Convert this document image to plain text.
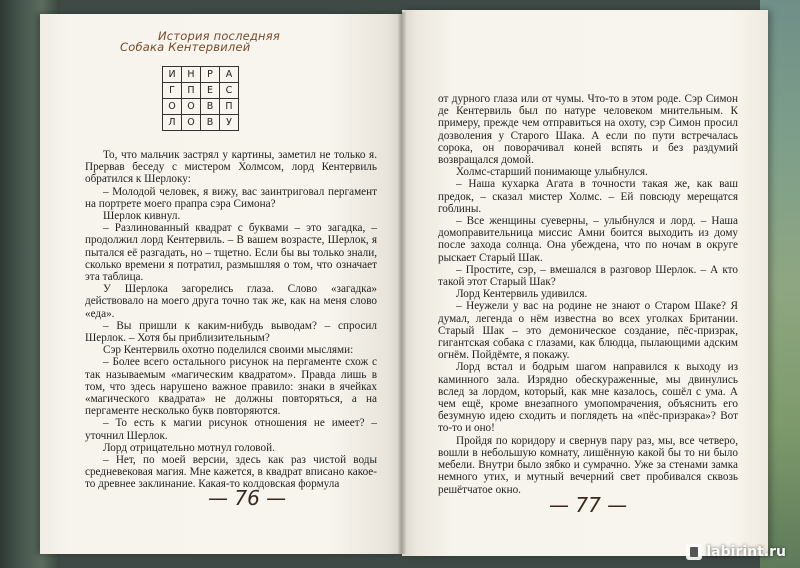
История последняя
Собака Кентервилей
И	Н	Р	А
Г	П	Е	С
О	О	В	П
Л	О	В	У

То, что мальчик застрял у картины, заметил не только я. Прервав беседу с мистером Холмсом, лорд Кентервиль обратился к Шерлоку:

– Молодой человек, я вижу, вас заинтриговал пергамент на портрете моего прапра сэра Симона?

Шерлок кивнул.

– Разлинованный квадрат с буквами – это загадка, – продолжил лорд Кентервиль. – В вашем возрасте, Шерлок, я пытался её разгадать, но – тщетно. Если бы вы только знали, сколько времени я потратил, размышляя о том, что означает эта таблица.

У Шерлока загорелись глаза. Слово «загадка» действовало на моего друга точно так же, как на меня слово «еда».

– Вы пришли к каким-нибудь выводам? – спросил Шерлок. – Хотя бы приблизительным?

Сэр Кентервиль охотно поделился своими мыслями:

– Более всего остального рисунок на пергаменте схож с так называемым «магическим квадратом». Правда лишь в том, что здесь нарушено важное правило: знаки в ячейках «магического квадрата» не должны повторяться, а на пергаменте несколько букв повторяются.

– То есть к магии рисунок отношения не имеет? – уточнил Шерлок.

Лорд отрицательно мотнул головой.

– Нет, по моей версии, здесь как раз чистой воды средневековая магия. Мне кажется, в квадрат вписано какое-то древнее заклинание. Какая-то колдовская формула

от дурного глаза или от чумы. Что-то в этом роде. Сэр Симон де Кентервиль был по натуре человеком мнительным. К примеру, прежде чем отправиться на охоту, сэр Симон просил дозволения у Старого Шака. А если по пути встречалась сорока, он поворачивал коней вспять и без раздумий возвращался домой.

Холмс-старший понимающе улыбнулся.

– Наша кухарка Агата в точности такая же, как ваш предок, – сказал мистер Холмс. – Ей повсюду мерещатся гоблины.

– Все женщины суеверны, – улыбнулся и лорд. – Наша домоправительница миссис Амни боится выходить из дому после захода солнца. Она убеждена, что по ночам в округе рыскает Старый Шак.

– Простите, сэр, – вмешался в разговор Шерлок. – А кто такой этот Старый Шак?

Лорд Кентервиль удивился.

– Неужели у вас на родине не знают о Старом Шаке? Я думал, легенда о нём известна во всех уголках Британии. Старый Шак – это демоническое создание, пёс-призрак, гигантская собака с глазами, как блюдца, пылающими адским огнём. Пойдёмте, я покажу.

Лорд встал и бодрым шагом направился к выходу из каминного зала. Изрядно обескураженные, мы двинулись вслед за лордом, который, как мне казалось, сошёл с ума. А чем ещё, кроме внезапного умопомрачения, объяснить его безумную идею сходить и поглядеть на «пёс-призрака»? Вот то-то и оно!

Пройдя по коридору и свернув пару раз, мы, все четверо, вошли в небольшую комнату, лишённую какой бы то ни было мебели. Внутри было зябко и сумрачно. Уже за стенами замка немного утих, и мутный вечерний свет пробивался сквозь решётчатое окно.

— 76 —	— 77 —
labirint.ru
